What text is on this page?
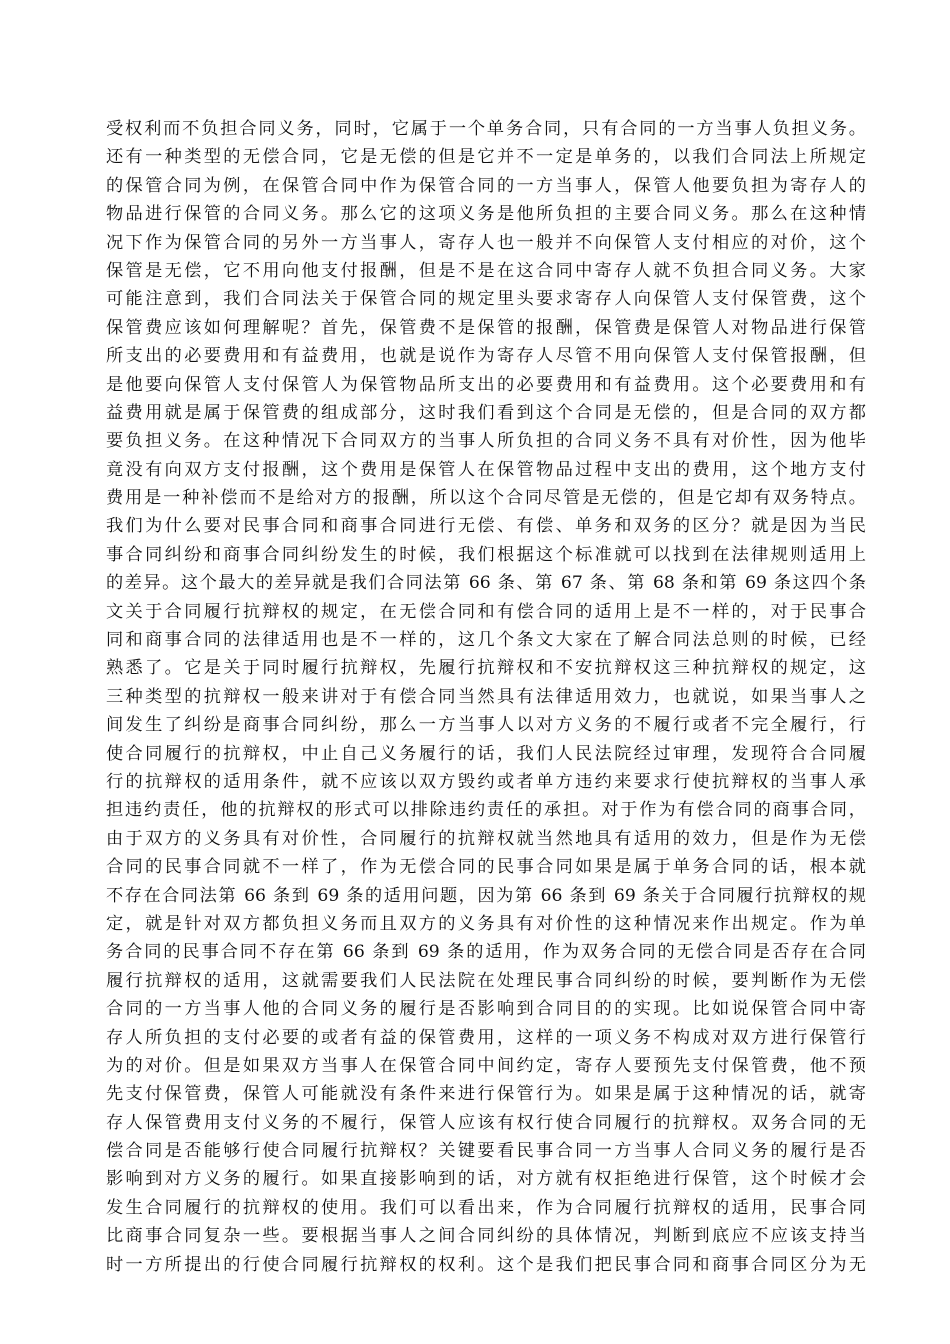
受权利而不负担合同义务，同时，它属于一个单务合同，只有合同的一方当事人负担义务。
还有一种类型的无偿合同，它是无偿的但是它并不一定是单务的，以我们合同法上所规定
的保管合同为例，在保管合同中作为保管合同的一方当事人，保管人他要负担为寄存人的
物品进行保管的合同义务。那么它的这项义务是他所负担的主要合同义务。那么在这种情
况下作为保管合同的另外一方当事人，寄存人也一般并不向保管人支付相应的对价，这个
保管是无偿，它不用向他支付报酬，但是不是在这合同中寄存人就不负担合同义务。大家
可能注意到，我们合同法关于保管合同的规定里头要求寄存人向保管人支付保管费，这个
保管费应该如何理解呢？首先，保管费不是保管的报酬，保管费是保管人对物品进行保管
所支出的必要费用和有益费用，也就是说作为寄存人尽管不用向保管人支付保管报酬，但
是他要向保管人支付保管人为保管物品所支出的必要费用和有益费用。这个必要费用和有
益费用就是属于保管费的组成部分，这时我们看到这个合同是无偿的，但是合同的双方都
要负担义务。在这种情况下合同双方的当事人所负担的合同义务不具有对价性，因为他毕
竟没有向双方支付报酬，这个费用是保管人在保管物品过程中支出的费用，这个地方支付
费用是一种补偿而不是给对方的报酬，所以这个合同尽管是无偿的，但是它却有双务特点。
我们为什么要对民事合同和商事合同进行无偿、有偿、单务和双务的区分？就是因为当民
事合同纠纷和商事合同纠纷发生的时候，我们根据这个标准就可以找到在法律规则适用上
的差异。这个最大的差异就是我们合同法第 66 条、第 67 条、第 68 条和第 69 条这四个条
文关于合同履行抗辩权的规定，在无偿合同和有偿合同的适用上是不一样的，对于民事合
同和商事合同的法律适用也是不一样的，这几个条文大家在了解合同法总则的时候，已经
熟悉了。它是关于同时履行抗辩权，先履行抗辩权和不安抗辩权这三种抗辩权的规定，这
三种类型的抗辩权一般来讲对于有偿合同当然具有法律适用效力，也就说，如果当事人之
间发生了纠纷是商事合同纠纷，那么一方当事人以对方义务的不履行或者不完全履行，行
使合同履行的抗辩权，中止自己义务履行的话，我们人民法院经过审理，发现符合合同履
行的抗辩权的适用条件，就不应该以双方毁约或者单方违约来要求行使抗辩权的当事人承
担违约责任，他的抗辩权的形式可以排除违约责任的承担。对于作为有偿合同的商事合同，
由于双方的义务具有对价性，合同履行的抗辩权就当然地具有适用的效力，但是作为无偿
合同的民事合同就不一样了，作为无偿合同的民事合同如果是属于单务合同的话，根本就
不存在合同法第 66 条到 69 条的适用问题，因为第 66 条到 69 条关于合同履行抗辩权的规
定，就是针对双方都负担义务而且双方的义务具有对价性的这种情况来作出规定。作为单
务合同的民事合同不存在第 66 条到 69 条的适用，作为双务合同的无偿合同是否存在合同
履行抗辩权的适用，这就需要我们人民法院在处理民事合同纠纷的时候，要判断作为无偿
合同的一方当事人他的合同义务的履行是否影响到合同目的的实现。比如说保管合同中寄
存人所负担的支付必要的或者有益的保管费用，这样的一项义务不构成对双方进行保管行
为的对价。但是如果双方当事人在保管合同中间约定，寄存人要预先支付保管费，他不预
先支付保管费，保管人可能就没有条件来进行保管行为。如果是属于这种情况的话，就寄
存人保管费用支付义务的不履行，保管人应该有权行使合同履行的抗辩权。双务合同的无
偿合同是否能够行使合同履行抗辩权？关键要看民事合同一方当事人合同义务的履行是否
影响到对方义务的履行。如果直接影响到的话，对方就有权拒绝进行保管，这个时候才会
发生合同履行的抗辩权的使用。我们可以看出来，作为合同履行抗辩权的适用，民事合同
比商事合同复杂一些。要根据当事人之间合同纠纷的具体情况，判断到底应不应该支持当
时一方所提出的行使合同履行抗辩权的权利。这个是我们把民事合同和商事合同区分为无
